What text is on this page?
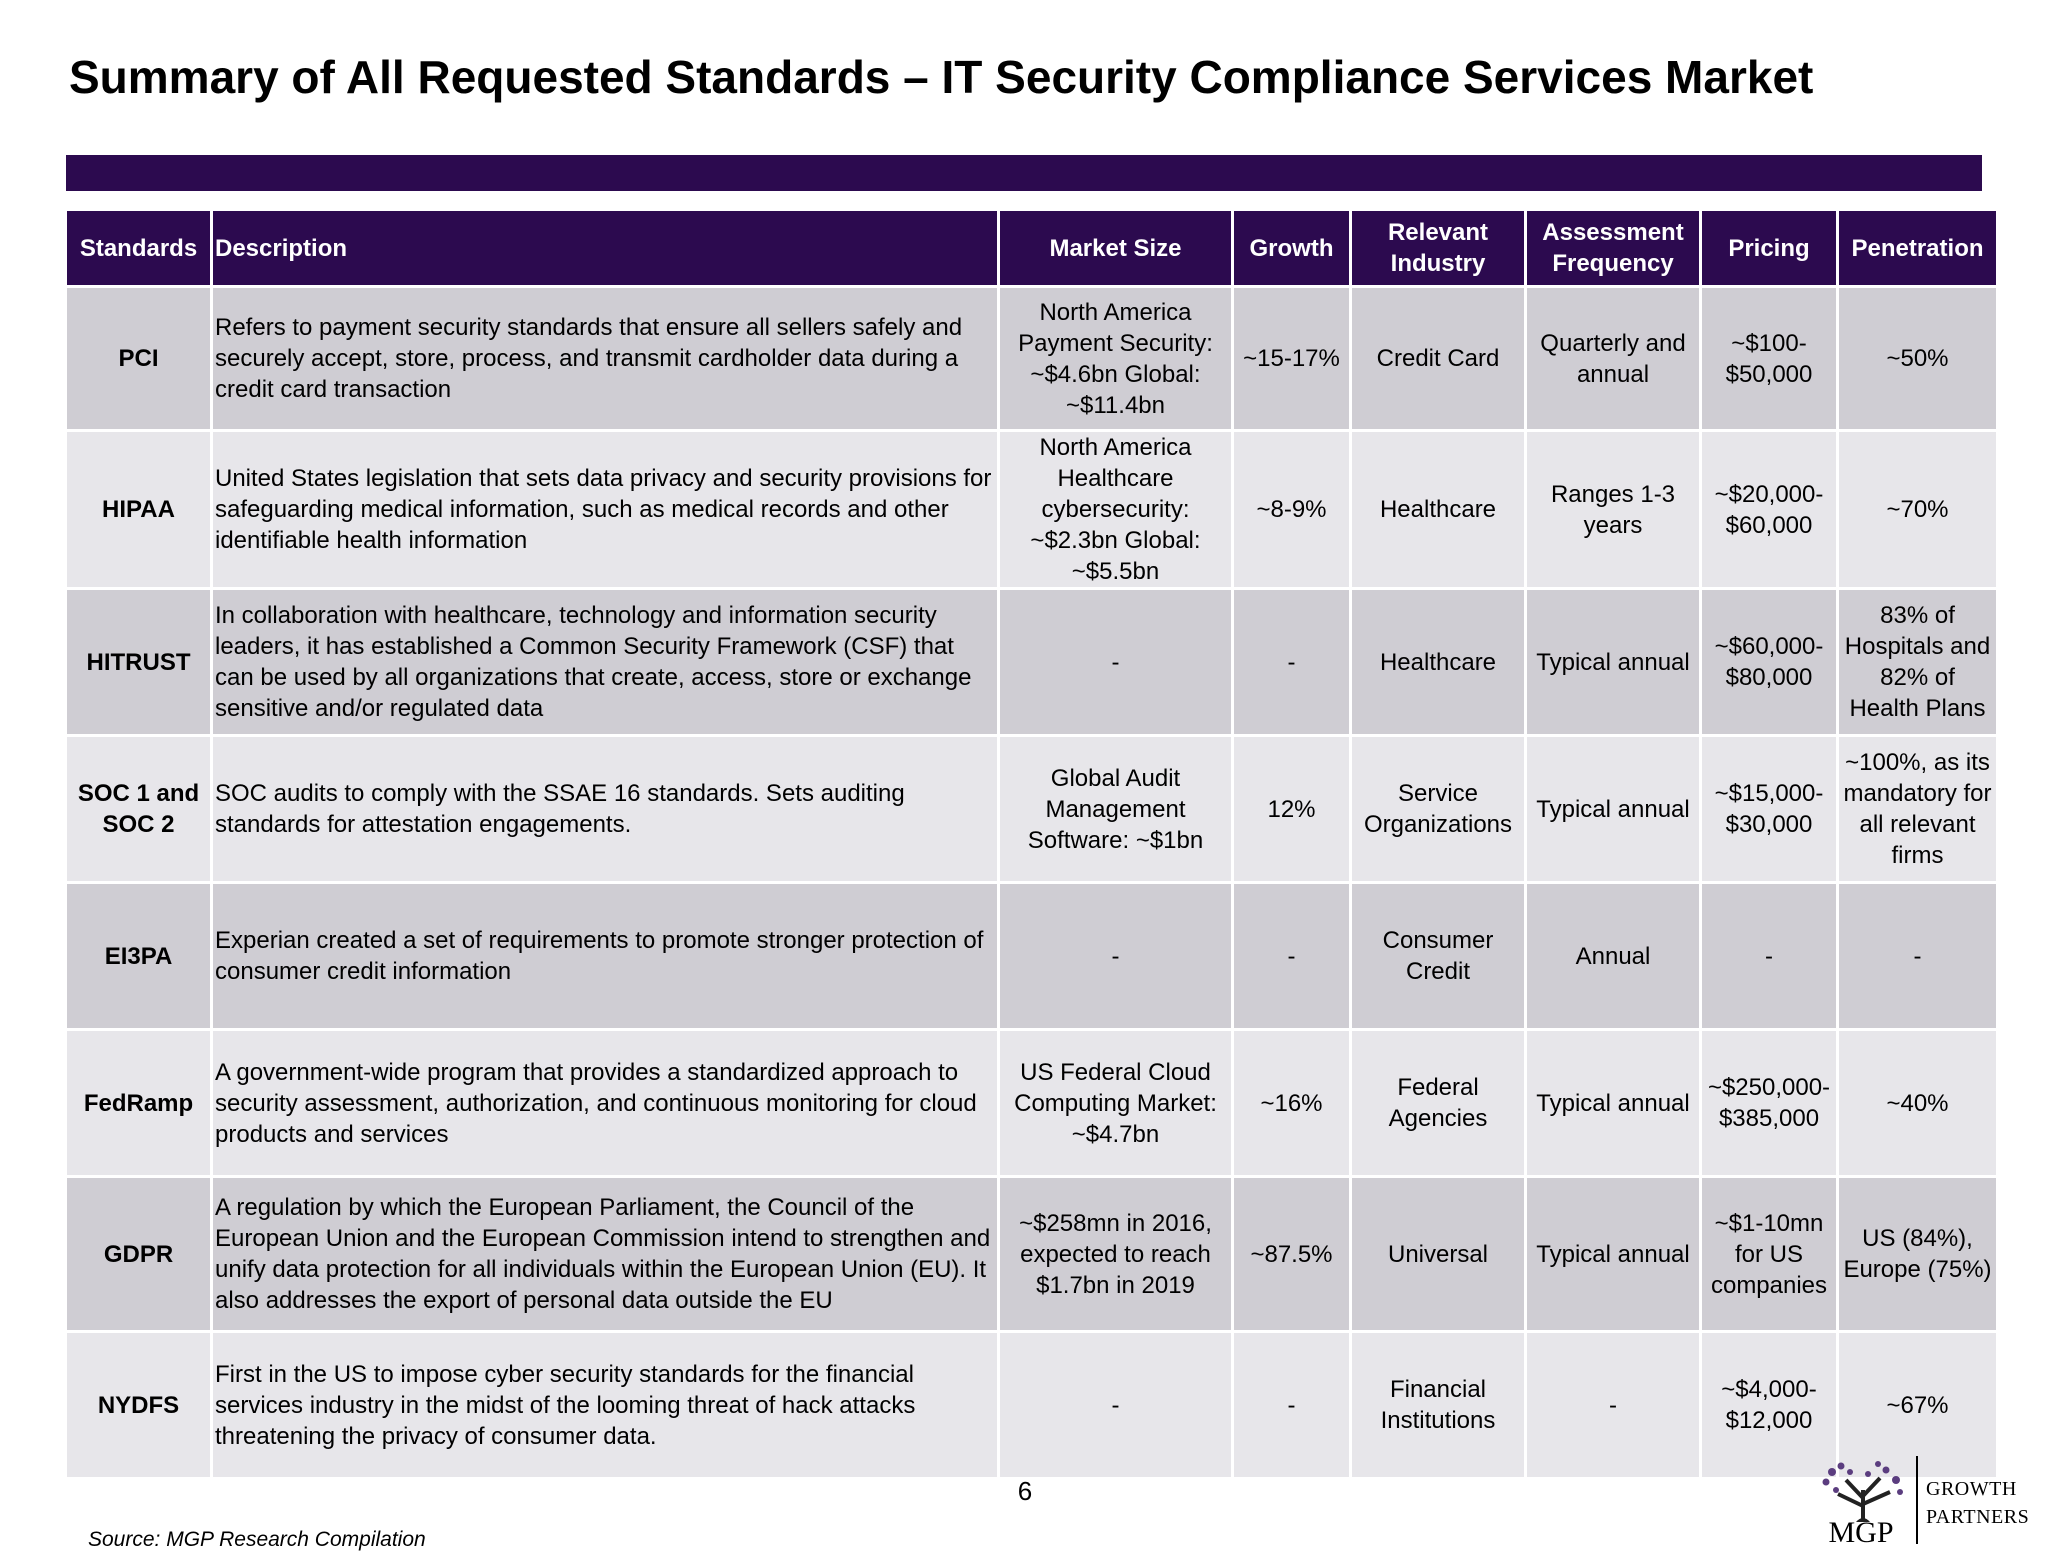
Summary of All Requested Standards – IT Security Compliance Services Market
Standards	Description	Market Size	Growth	Relevant Industry	Assessment Frequency	Pricing	Penetration
PCI	Refers to payment security standards that ensure all sellers safely and securely accept, store, process, and transmit cardholder data during a credit card transaction	North America Payment Security: ~$4.6bn Global: ~$11.4bn	~15-17%	Credit Card	Quarterly and annual	~$100- $50,000	~50%
HIPAA	United States legislation that sets data privacy and security provisions for safeguarding medical information, such as medical records and other identifiable health information	North America Healthcare cybersecurity: ~$2.3bn Global: ~$5.5bn	~8-9%	Healthcare	Ranges 1-3 years	~$20,000- $60,000	~70%
HITRUST	In collaboration with healthcare, technology and information security leaders, it has established a Common Security Framework (CSF) that can be used by all organizations that create, access, store or exchange sensitive and/or regulated data	-	-	Healthcare	Typical annual	~$60,000- $80,000	83% of Hospitals and 82% of Health Plans
SOC 1 and SOC 2	SOC audits to comply with the SSAE 16 standards. Sets auditing standards for attestation engagements.	Global Audit Management Software: ~$1bn	12%	Service Organizations	Typical annual	~$15,000- $30,000	~100%, as its mandatory for all relevant firms
EI3PA	Experian created a set of requirements to promote stronger protection of consumer credit information	-	-	Consumer Credit	Annual	-	-
FedRamp	A government-wide program that provides a standardized approach to security assessment, authorization, and continuous monitoring for cloud products and services	US Federal Cloud Computing Market: ~$4.7bn	~16%	Federal Agencies	Typical annual	~$250,000- $385,000	~40%
GDPR	A regulation by which the European Parliament, the Council of the European Union and the European Commission intend to strengthen and unify data protection for all individuals within the European Union (EU). It also addresses the export of personal data outside the EU	~$258mn in 2016, expected to reach $1.7bn in 2019	~87.5%	Universal	Typical annual	~$1-10mn for US companies	US (84%), Europe (75%)
NYDFS	First in the US to impose cyber security standards for the financial services industry in the midst of the looming threat of hack attacks threatening the privacy of consumer data.	-	-	Financial Institutions	-	~$4,000- $12,000	~67%
6
Source: MGP Research Compilation	MGP
GROWTH
PARTNERS
